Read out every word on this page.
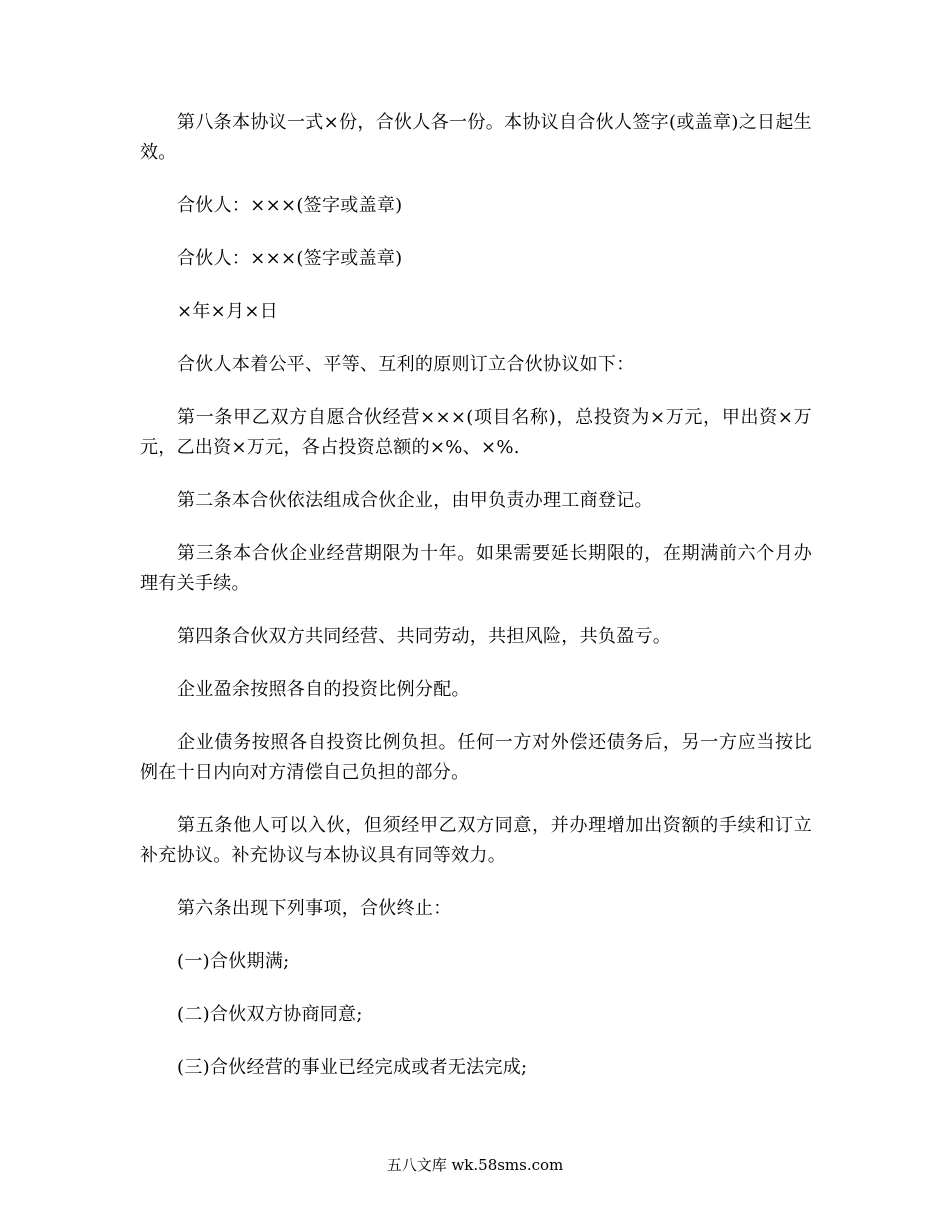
第八条本协议一式×份，合伙人各一份。本协议自合伙人签字(或盖章)之日起生效。

合伙人：×××(签字或盖章)

合伙人：×××(签字或盖章)

×年×月×日

合伙人本着公平、平等、互利的原则订立合伙协议如下：

第一条甲乙双方自愿合伙经营×××(项目名称)，总投资为×万元，甲出资×万元，乙出资×万元，各占投资总额的×%、×%.

第二条本合伙依法组成合伙企业，由甲负责办理工商登记。

第三条本合伙企业经营期限为十年。如果需要延长期限的，在期满前六个月办理有关手续。

第四条合伙双方共同经营、共同劳动，共担风险，共负盈亏。

企业盈余按照各自的投资比例分配。

企业债务按照各自投资比例负担。任何一方对外偿还债务后，另一方应当按比例在十日内向对方清偿自己负担的部分。

第五条他人可以入伙，但须经甲乙双方同意，并办理增加出资额的手续和订立补充协议。补充协议与本协议具有同等效力。

第六条出现下列事项，合伙终止：

(一)合伙期满;

(二)合伙双方协商同意;

(三)合伙经营的事业已经完成或者无法完成;

五八文库 wk.58sms.com
